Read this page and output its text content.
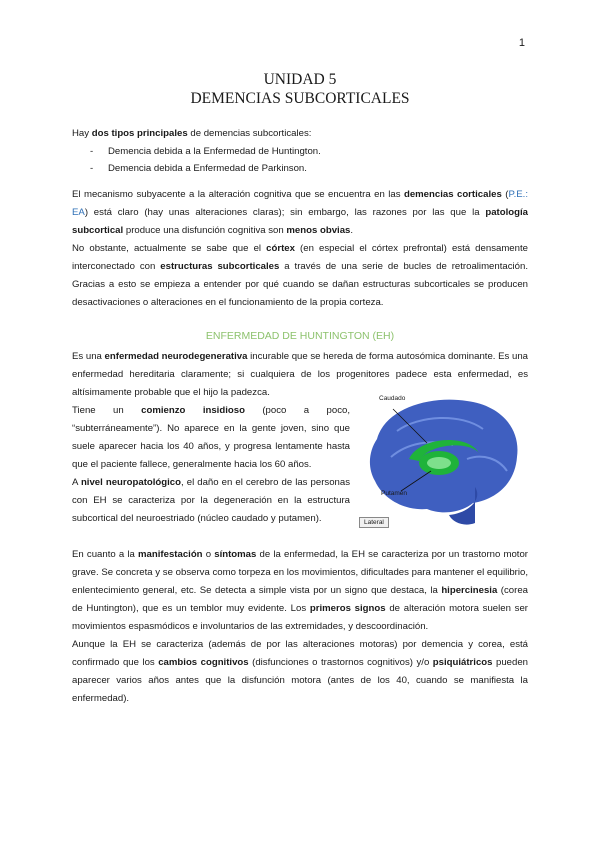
1
UNIDAD 5
DEMENCIAS SUBCORTICALES
Hay dos tipos principales de demencias subcorticales:
- Demencia debida a la Enfermedad de Huntington.
- Demencia debida a Enfermedad de Parkinson.
El mecanismo subyacente a la alteración cognitiva que se encuentra en las demencias corticales (P.E.: EA) está claro (hay unas alteraciones claras); sin embargo, las razones por las que la patología subcortical produce una disfunción cognitiva son menos obvias.
No obstante, actualmente se sabe que el córtex (en especial el córtex prefrontal) está densamente interconectado con estructuras subcorticales a través de una serie de bucles de retroalimentación. Gracias a esto se empieza a entender por qué cuando se dañan estructuras subcorticales se producen desactivaciones o alteraciones en el funcionamiento de la propia corteza.
ENFERMEDAD DE HUNTINGTON (EH)
Es una enfermedad neurodegenerativa incurable que se hereda de forma autosómica dominante. Es una enfermedad hereditaria claramente; si cualquiera de los progenitores padece esta enfermedad, es altísimamente probable que el hijo la padezca.
Tiene un comienzo insidioso (poco a poco, “subterráneamente”). No aparece en la gente joven, sino que suele aparecer hacia los 40 años, y progresa lentamente hasta que el paciente fallece, generalmente hacia los 60 años.
A nivel neuropatológico, el daño en el cerebro de las personas con EH se caracteriza por la degeneración en la estructura subcortical del neuroestriado (núcleo caudado y putamen).
Caudado
Putamen
Lateral
En cuanto a la manifestación o síntomas de la enfermedad, la EH se caracteriza por un trastorno motor grave. Se concreta y se observa como torpeza en los movimientos, dificultades para mantener el equilibrio, enlentecimiento general, etc. Se detecta a simple vista por un signo que destaca, la hipercinesia (corea de Huntington), que es un temblor muy evidente. Los primeros signos de alteración motora suelen ser movimientos espasmódicos e involuntarios de las extremidades, y descoordinación.
Aunque la EH se caracteriza (además de por las alteraciones motoras) por demencia y corea, está confirmado que los cambios cognitivos (disfunciones o trastornos cognitivos) y/o psiquiátricos pueden aparecer varios años antes que la disfunción motora (antes de los 40, cuando se manifiesta la enfermedad).
